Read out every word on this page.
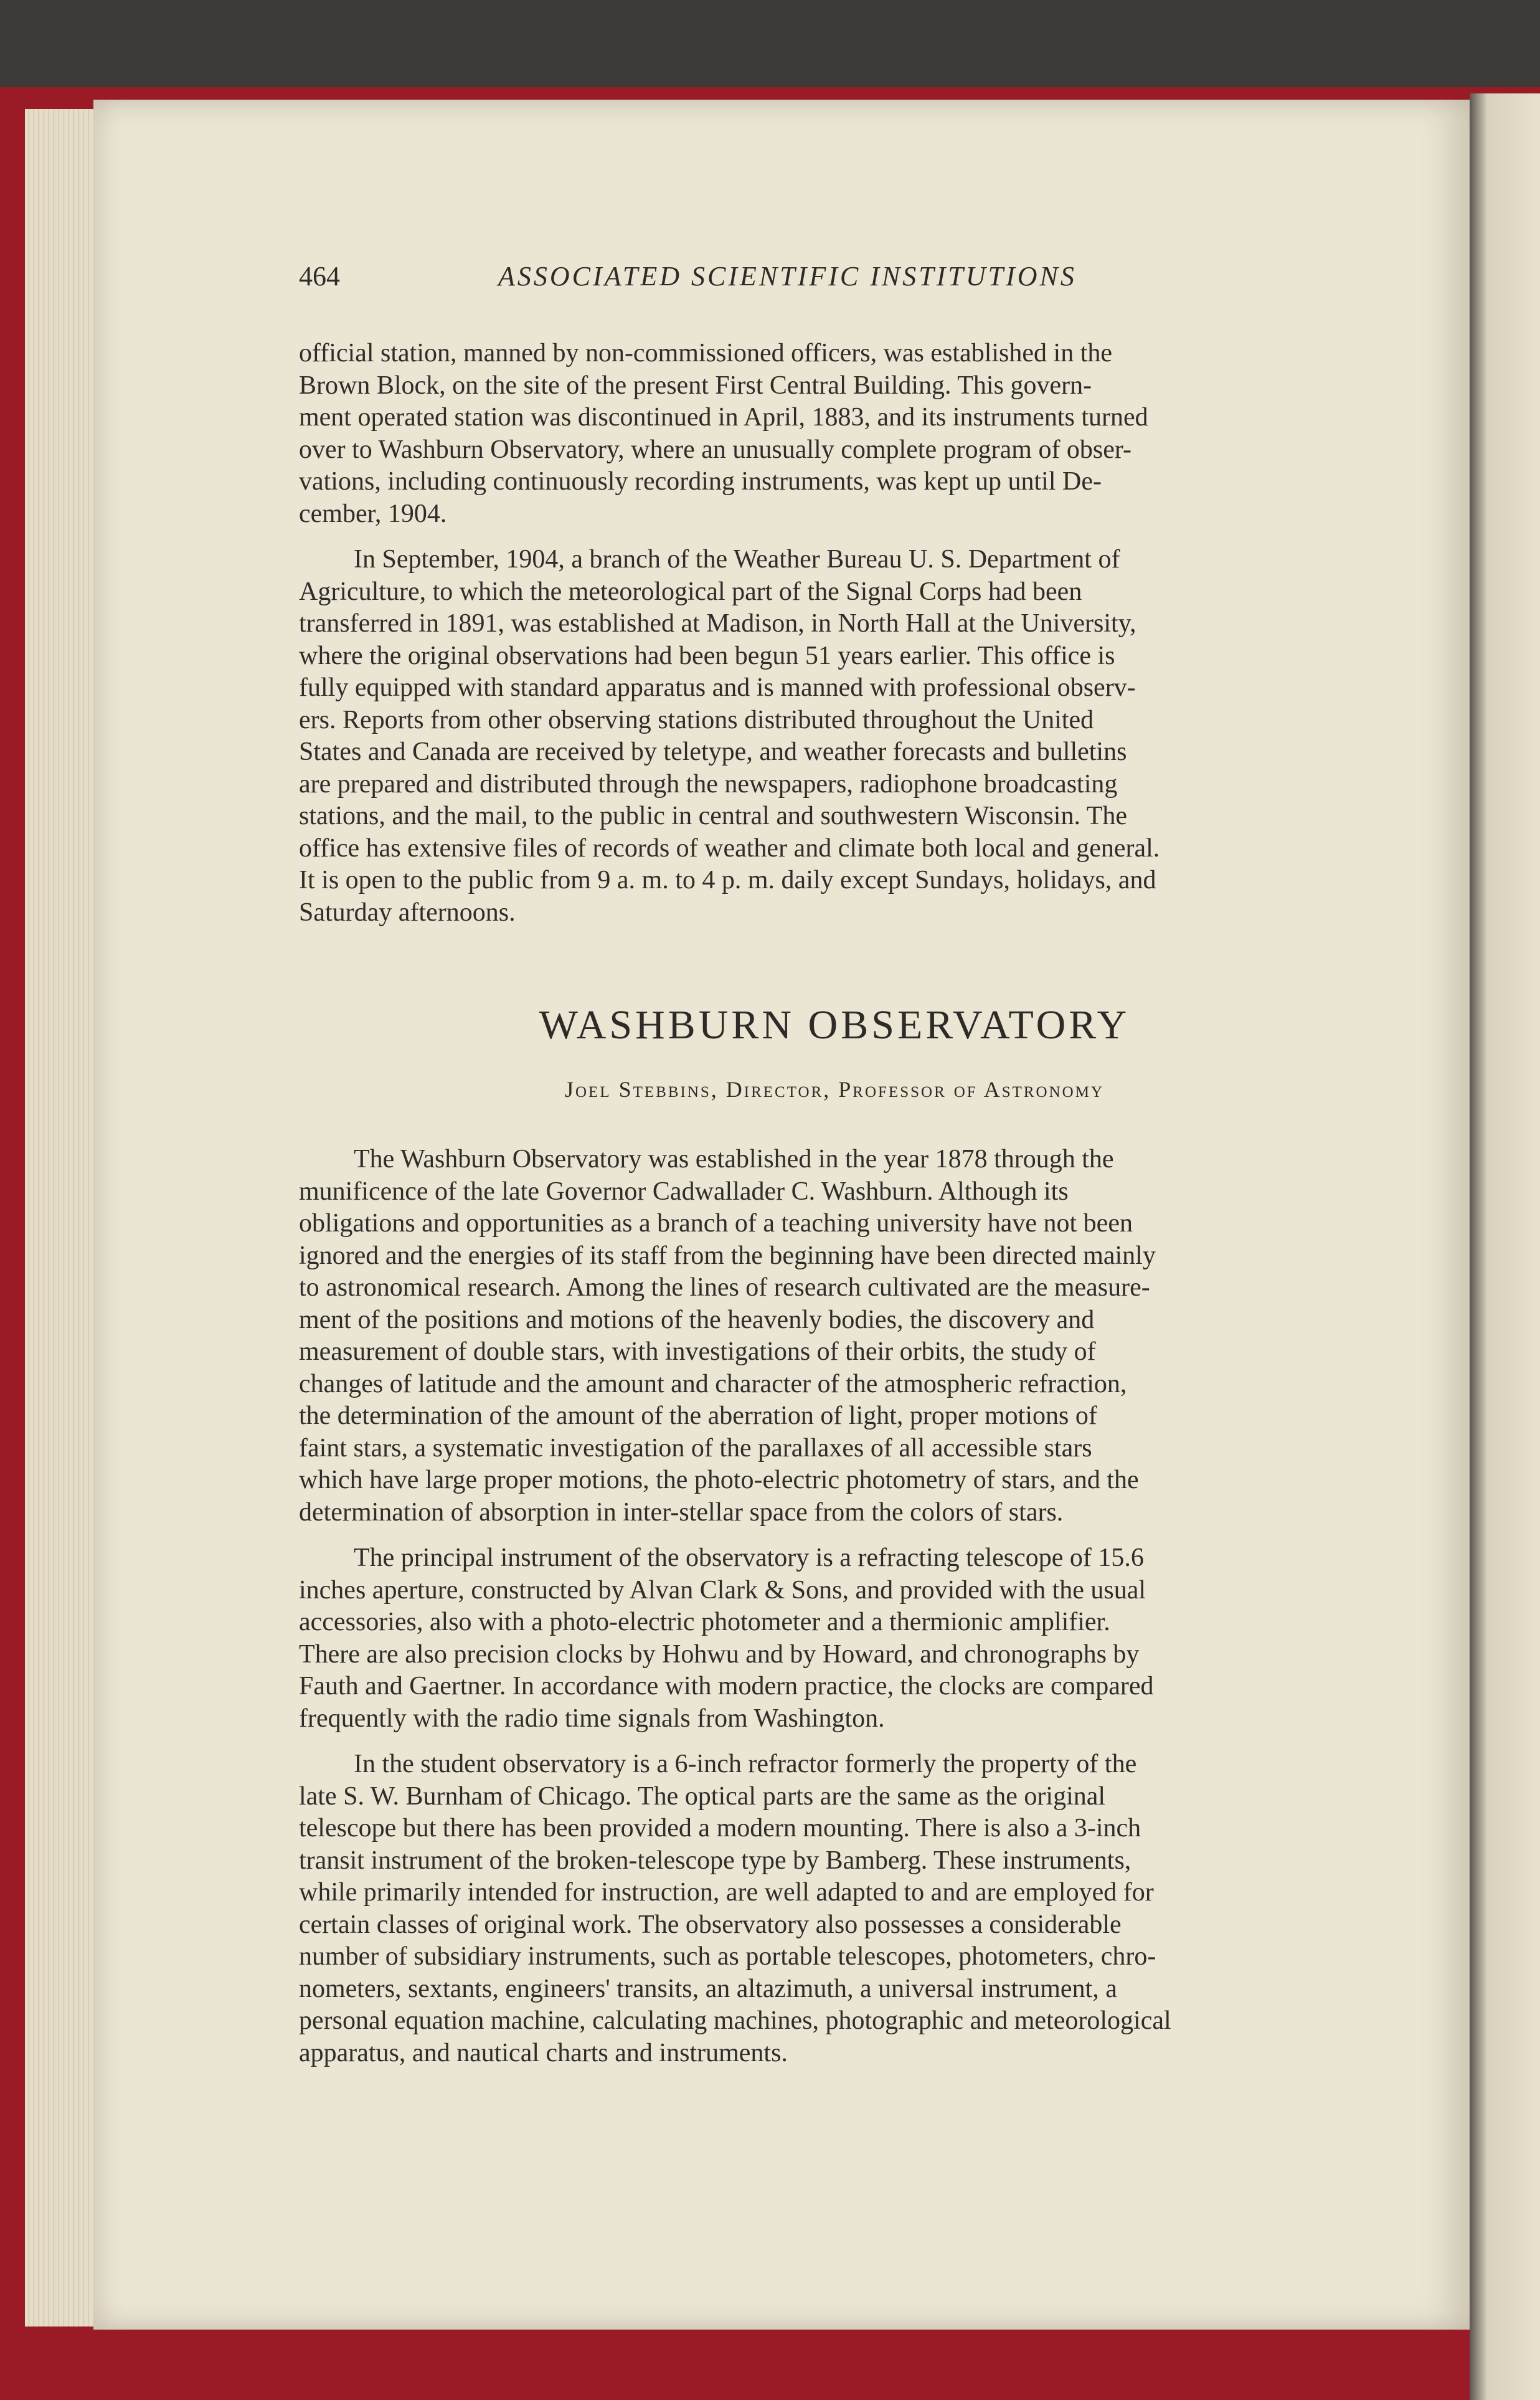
464	ASSOCIATED SCIENTIFIC INSTITUTIONS

official station, manned by non-commissioned officers, was established in the
Brown Block, on the site of the present First Central Building. This govern-
ment operated station was discontinued in April, 1883, and its instruments turned
over to Washburn Observatory, where an unusually complete program of obser-
vations, including continuously recording instruments, was kept up until De-
cember, 1904.

In September, 1904, a branch of the Weather Bureau U. S. Department of
Agriculture, to which the meteorological part of the Signal Corps had been
transferred in 1891, was established at Madison, in North Hall at the University,
where the original observations had been begun 51 years earlier. This office is
fully equipped with standard apparatus and is manned with professional observ-
ers. Reports from other observing stations distributed throughout the United
States and Canada are received by teletype, and weather forecasts and bulletins
are prepared and distributed through the newspapers, radiophone broadcasting
stations, and the mail, to the public in central and southwestern Wisconsin. The
office has extensive files of records of weather and climate both local and general.
It is open to the public from 9 a. m. to 4 p. m. daily except Sundays, holidays, and
Saturday afternoons.

WASHBURN OBSERVATORY
Joel Stebbins, Director, Professor of Astronomy

The Washburn Observatory was established in the year 1878 through the
munificence of the late Governor Cadwallader C. Washburn. Although its
obligations and opportunities as a branch of a teaching university have not been
ignored and the energies of its staff from the beginning have been directed mainly
to astronomical research. Among the lines of research cultivated are the measure-
ment of the positions and motions of the heavenly bodies, the discovery and
measurement of double stars, with investigations of their orbits, the study of
changes of latitude and the amount and character of the atmospheric refraction,
the determination of the amount of the aberration of light, proper motions of
faint stars, a systematic investigation of the parallaxes of all accessible stars
which have large proper motions, the photo-electric photometry of stars, and the
determination of absorption in inter-stellar space from the colors of stars.

The principal instrument of the observatory is a refracting telescope of 15.6
inches aperture, constructed by Alvan Clark & Sons, and provided with the usual
accessories, also with a photo-electric photometer and a thermionic amplifier.
There are also precision clocks by Hohwu and by Howard, and chronographs by
Fauth and Gaertner. In accordance with modern practice, the clocks are compared
frequently with the radio time signals from Washington.

In the student observatory is a 6-inch refractor formerly the property of the
late S. W. Burnham of Chicago. The optical parts are the same as the original
telescope but there has been provided a modern mounting. There is also a 3-inch
transit instrument of the broken-telescope type by Bamberg. These instruments,
while primarily intended for instruction, are well adapted to and are employed for
certain classes of original work. The observatory also possesses a considerable
number of subsidiary instruments, such as portable telescopes, photometers, chro-
nometers, sextants, engineers' transits, an altazimuth, a universal instrument, a
personal equation machine, calculating machines, photographic and meteorological
apparatus, and nautical charts and instruments.
